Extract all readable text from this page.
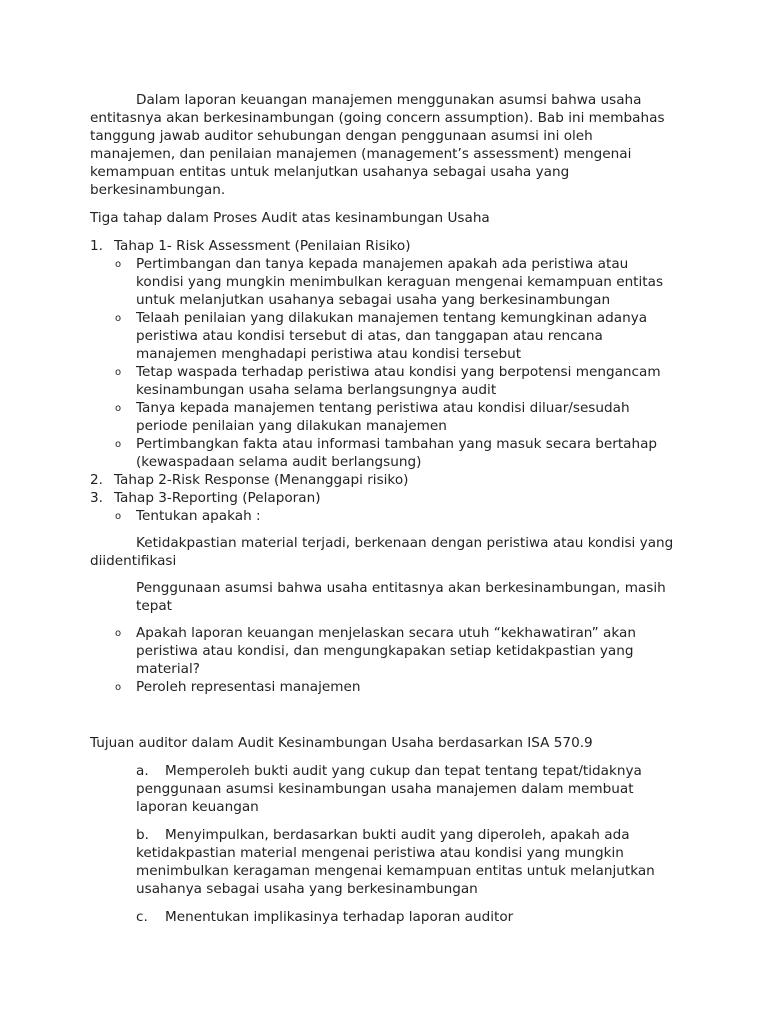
Dalam laporan keuangan manajemen menggunakan asumsi bahwa usaha entitasnya akan berkesinambungan (going concern assumption). Bab ini membahas tanggung jawab auditor sehubungan dengan penggunaan asumsi ini oleh manajemen, dan penilaian manajemen (management’s assessment) mengenai kemampuan entitas untuk melanjutkan usahanya sebagai usaha yang berkesinambungan.

Tiga tahap dalam Proses Audit atas kesinambungan Usaha

1. Tahap 1- Risk Assessment (Penilaian Risiko)
o Pertimbangan dan tanya kepada manajemen apakah ada peristiwa atau kondisi yang mungkin menimbulkan keraguan mengenai kemampuan entitas untuk melanjutkan usahanya sebagai usaha yang berkesinambungan
o Telaah penilaian yang dilakukan manajemen tentang kemungkinan adanya peristiwa atau kondisi tersebut di atas, dan tanggapan atau rencana manajemen menghadapi peristiwa atau kondisi tersebut
o Tetap waspada terhadap peristiwa atau kondisi yang berpotensi mengancam kesinambungan usaha selama berlangsungnya audit
o Tanya kepada manajemen tentang peristiwa atau kondisi diluar/sesudah periode penilaian yang dilakukan manajemen
o Pertimbangkan fakta atau informasi tambahan yang masuk secara bertahap (kewaspadaan selama audit berlangsung)
2. Tahap 2-Risk Response (Menanggapi risiko)
3. Tahap 3-Reporting (Pelaporan)
o Tentukan apakah :

Ketidakpastian material terjadi, berkenaan dengan peristiwa atau kondisi yang diidentifikasi

Penggunaan asumsi bahwa usaha entitasnya akan berkesinambungan, masih tepat

o Apakah laporan keuangan menjelaskan secara utuh “kekhawatiran” akan peristiwa atau kondisi, dan mengungkapakan setiap ketidakpastian yang material?
o Peroleh representasi manajemen

Tujuan auditor dalam Audit Kesinambungan Usaha berdasarkan ISA 570.9

a. Memperoleh bukti audit yang cukup dan tepat tentang tepat/tidaknya penggunaan asumsi kesinambungan usaha manajemen dalam membuat laporan keuangan
b. Menyimpulkan, berdasarkan bukti audit yang diperoleh, apakah ada ketidakpastian material mengenai peristiwa atau kondisi yang mungkin menimbulkan keragaman mengenai kemampuan entitas untuk melanjutkan usahanya sebagai usaha yang berkesinambungan
c. Menentukan implikasinya terhadap laporan auditor
